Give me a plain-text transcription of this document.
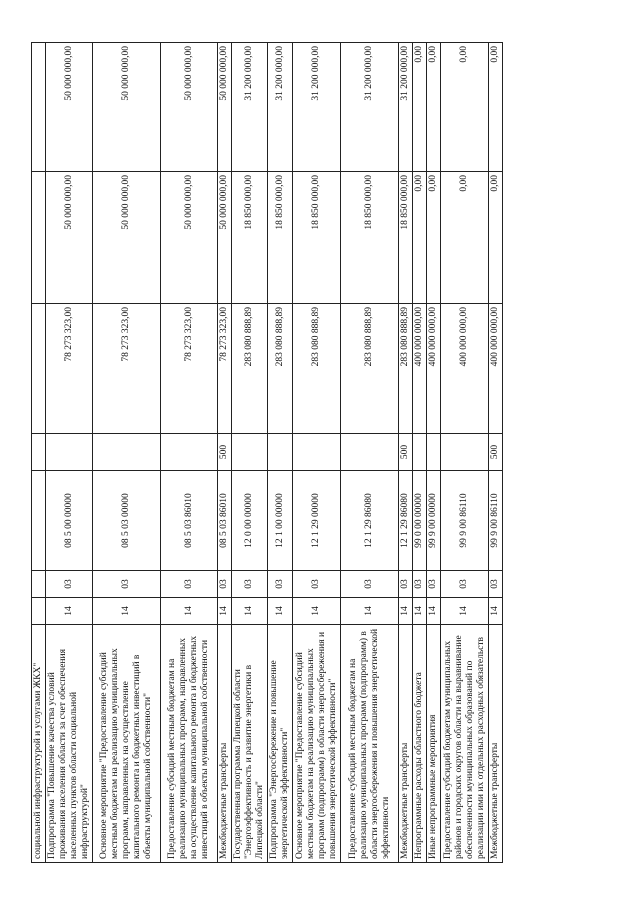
социальной инфраструктурой и услугами ЖКХ"							
Подпрограмма "Повышение качества условий проживания населения области за счет обеспечения населенных пунктов области социальной инфраструктурой"	14	03	08 5 00 00000		78 273 323,00	50 000 000,00	50 000 000,00
Основное мероприятие "Предоставление субсидий местным бюджетам на реализацию муниципальных программ, направленных на осуществление капитального ремонта и бюджетных инвестиций в объекты муниципальной собственности"	14	03	08 5 03 00000		78 273 323,00	50 000 000,00	50 000 000,00
Предоставление субсидий местным бюджетам на реализацию муниципальных программ, направленных на осуществление капитального ремонта и бюджетных инвестиций в объекты муниципальной собственности	14	03	08 5 03 86010		78 273 323,00	50 000 000,00	50 000 000,00
Межбюджетные трансферты	14	03	08 5 03 86010	500	78 273 323,00	50 000 000,00	50 000 000,00
Государственная программа Липецкой области "Энергоэффективность и развитие энергетики в Липецкой области"	14	03	12 0 00 00000		283 080 888,89	18 850 000,00	31 200 000,00
Подпрограмма "Энергосбережение и повышение энергетической эффективности"	14	03	12 1 00 00000		283 080 888,89	18 850 000,00	31 200 000,00
Основное мероприятие "Предоставление субсидий местным бюджетам на реализацию муниципальных программ (подпрограмм) в области энергосбережения и повышения энергетической эффективности"	14	03	12 1 29 00000		283 080 888,89	18 850 000,00	31 200 000,00
Предоставление субсидий местным бюджетам на реализацию муниципальных программ (подпрограмм) в области энергосбережения и повышения энергетической эффективности	14	03	12 1 29 86080		283 080 888,89	18 850 000,00	31 200 000,00
Межбюджетные трансферты	14	03	12 1 29 86080	500	283 080 888,89	18 850 000,00	31 200 000,00
Непрограммные расходы областного бюджета	14	03	99 0 00 00000		400 000 000,00	0,00	0,00
Иные непрограммные мероприятия	14	03	99 9 00 00000		400 000 000,00	0,00	0,00
Предоставление субсидий бюджетам муниципальных районов и городских округов области на выравнивание обеспеченности муниципальных образований по реализации ими их отдельных расходных обязательств	14	03	99 9 00 86110		400 000 000,00	0,00	0,00
Межбюджетные трансферты	14	03	99 9 00 86110	500	400 000 000,00	0,00	0,00
